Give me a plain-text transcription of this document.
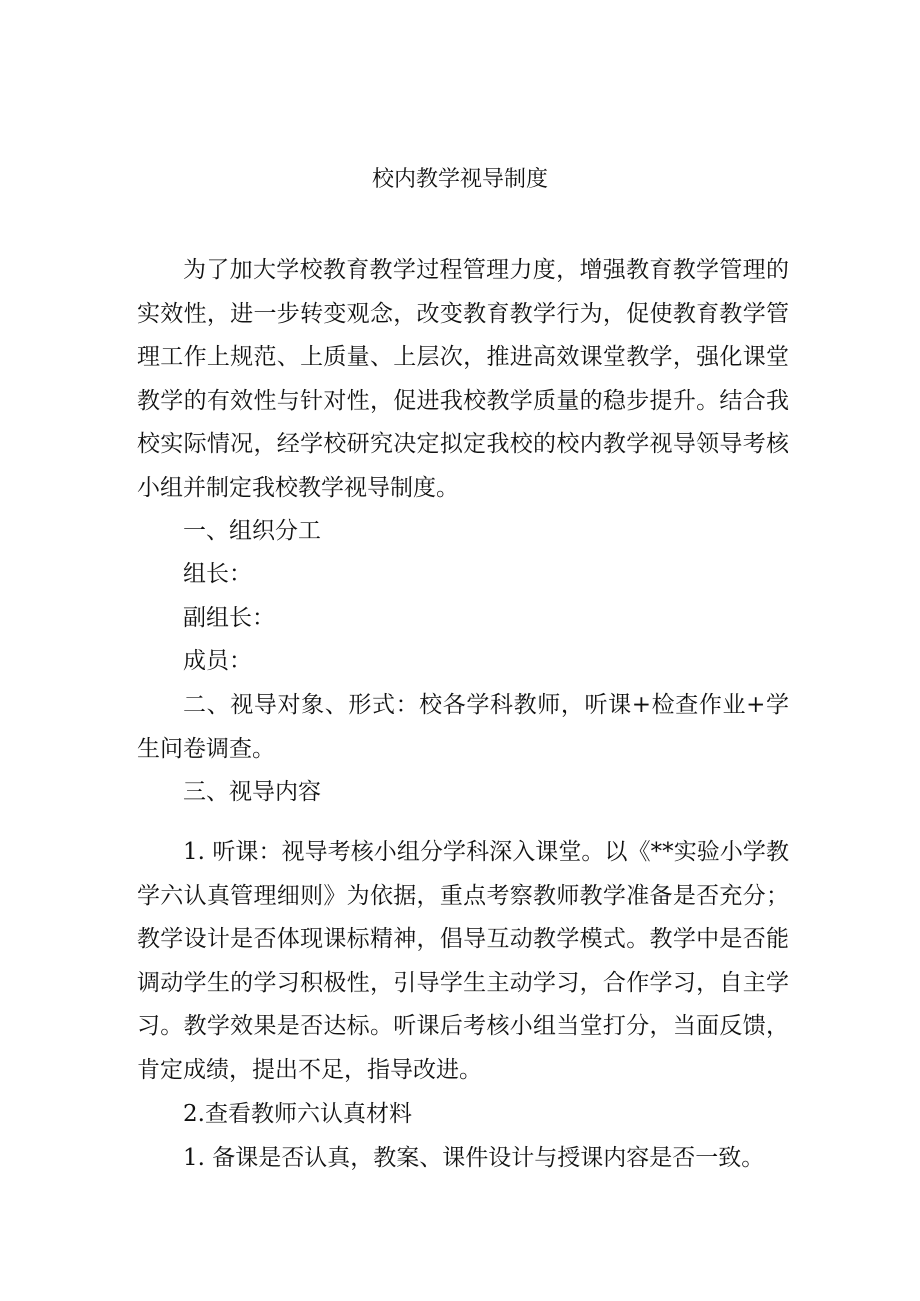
校内教学视导制度

为了加大学校教育教学过程管理力度，增强教育教学管理的实效性，进一步转变观念，改变教育教学行为，促使教育教学管理工作上规范、上质量、上层次，推进高效课堂教学，强化课堂教学的有效性与针对性，促进我校教学质量的稳步提升。结合我校实际情况，经学校研究决定拟定我校的校内教学视导领导考核小组并制定我校教学视导制度。

一、组织分工

组长：

副组长：

成员：

二、视导对象、形式：校各学科教师，听课+检查作业+学生问卷调查。

三、视导内容

1. 听课：视导考核小组分学科深入课堂。以《**实验小学教学六认真管理细则》为依据，重点考察教师教学准备是否充分；教学设计是否体现课标精神，倡导互动教学模式。教学中是否能调动学生的学习积极性，引导学生主动学习，合作学习，自主学习。教学效果是否达标。听课后考核小组当堂打分，当面反馈，肯定成绩，提出不足，指导改进。

2.查看教师六认真材料

1. 备课是否认真，教案、课件设计与授课内容是否一致。
